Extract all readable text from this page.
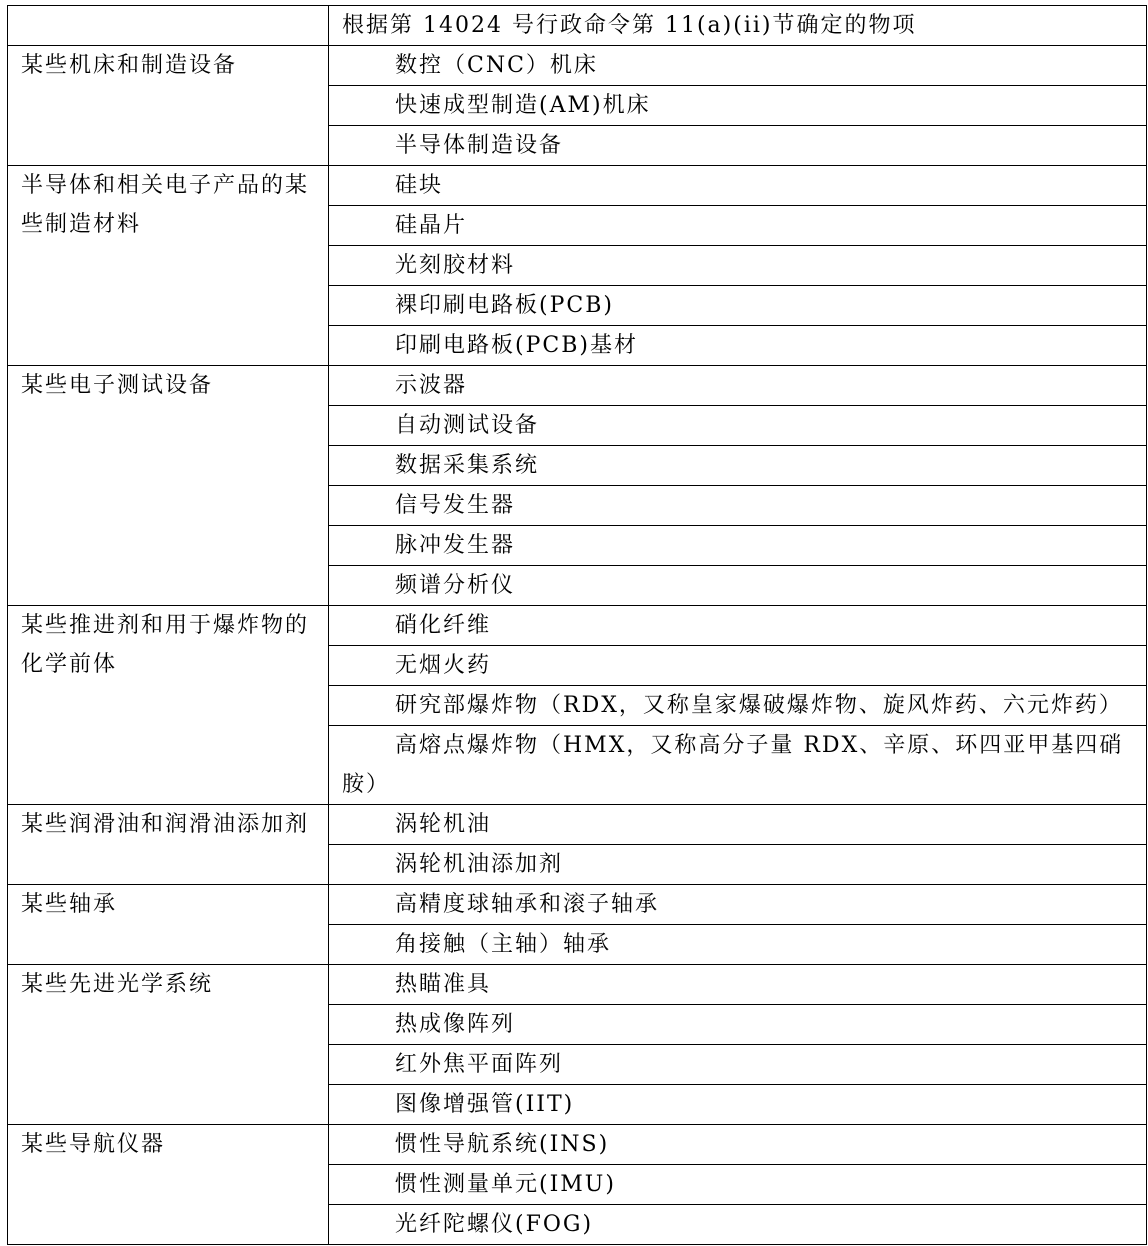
	根据第 14024 号行政命令第 11(a)(ii)节确定的物项
某些机床和制造设备	数控（CNC）机床

	快速成型制造(AM)机床

	半导体制造设备

半导体和相关电子产品的某些制造材料	硅块

	硅晶片

	光刻胶材料

	裸印刷电路板(PCB)

	印刷电路板(PCB)基材

某些电子测试设备	示波器

	自动测试设备

	数据采集系统

	信号发生器

	脉冲发生器

	频谱分析仪

某些推进剂和用于爆炸物的化学前体	硝化纤维

	无烟火药

	研究部爆炸物（RDX，又称皇家爆破爆炸物、旋风炸药、六元炸药）

	高熔点爆炸物（HMX，又称高分子量 RDX、辛原、环四亚甲基四硝胺）

某些润滑油和润滑油添加剂	涡轮机油

	涡轮机油添加剂

某些轴承	高精度球轴承和滚子轴承

	角接触（主轴）轴承

某些先进光学系统	热瞄准具

	热成像阵列

	红外焦平面阵列

	图像增强管(IIT)

某些导航仪器	惯性导航系统(INS)

	惯性测量单元(IMU)

	光纤陀螺仪(FOG)
